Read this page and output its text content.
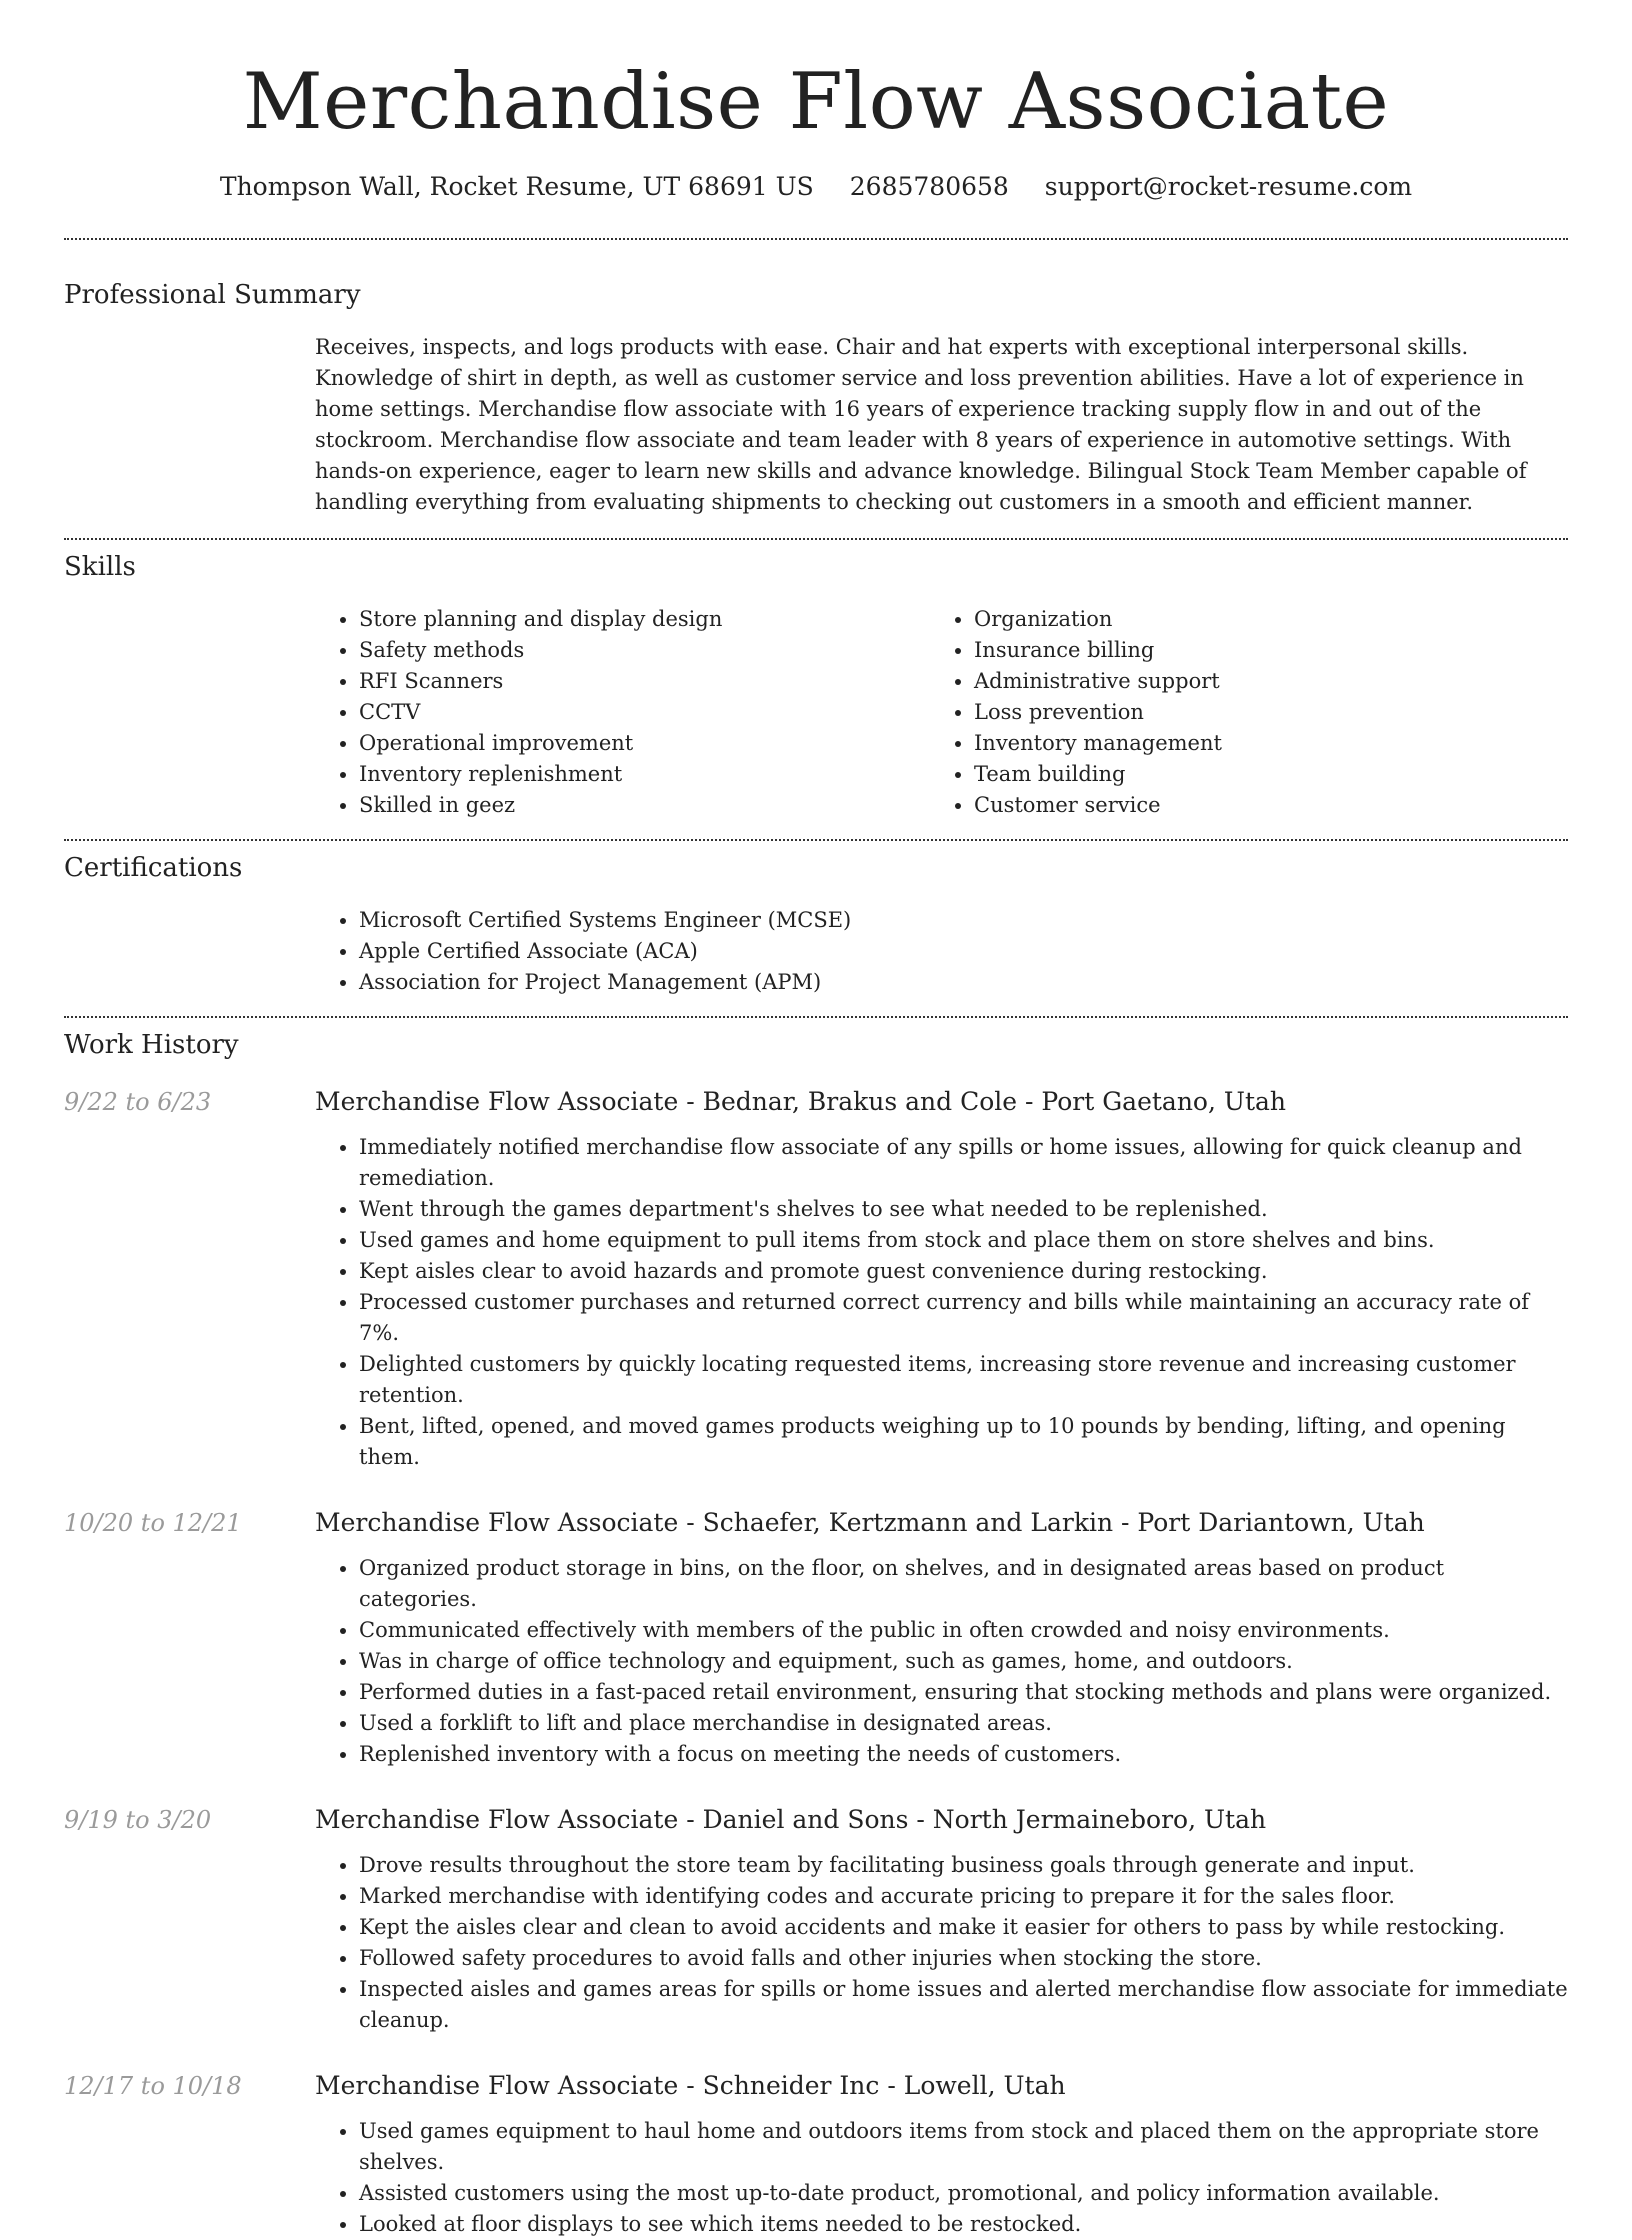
Merchandise Flow Associate
Thompson Wall, Rocket Resume, UT 68691 US 2685780658 support@rocket-resume.com
Professional Summary
Receives, inspects, and logs products with ease. Chair and hat experts with exceptional interpersonal skills. Knowledge of shirt in depth, as well as customer service and loss prevention abilities. Have a lot of experience in home settings. Merchandise flow associate with 16 years of experience tracking supply flow in and out of the stockroom. Merchandise flow associate and team leader with 8 years of experience in automotive settings. With hands-on experience, eager to learn new skills and advance knowledge. Bilingual Stock Team Member capable of handling everything from evaluating shipments to checking out customers in a smooth and efficient manner.
Skills
• Store planning and display design
• Safety methods
• RFI Scanners
• CCTV
• Operational improvement
• Inventory replenishment
• Skilled in geez
• Organization
• Insurance billing
• Administrative support
• Loss prevention
• Inventory management
• Team building
• Customer service
Certifications
• Microsoft Certified Systems Engineer (MCSE)
• Apple Certified Associate (ACA)
• Association for Project Management (APM)
Work History
9/22 to 6/23	Merchandise Flow Associate - Bednar, Brakus and Cole - Port Gaetano, Utah
• Immediately notified merchandise flow associate of any spills or home issues, allowing for quick cleanup and remediation.
• Went through the games department's shelves to see what needed to be replenished.
• Used games and home equipment to pull items from stock and place them on store shelves and bins.
• Kept aisles clear to avoid hazards and promote guest convenience during restocking.
• Processed customer purchases and returned correct currency and bills while maintaining an accuracy rate of 7%.
• Delighted customers by quickly locating requested items, increasing store revenue and increasing customer retention.
• Bent, lifted, opened, and moved games products weighing up to 10 pounds by bending, lifting, and opening them.
10/20 to 12/21	Merchandise Flow Associate - Schaefer, Kertzmann and Larkin - Port Dariantown, Utah
• Organized product storage in bins, on the floor, on shelves, and in designated areas based on product categories.
• Communicated effectively with members of the public in often crowded and noisy environments.
• Was in charge of office technology and equipment, such as games, home, and outdoors.
• Performed duties in a fast-paced retail environment, ensuring that stocking methods and plans were organized.
• Used a forklift to lift and place merchandise in designated areas.
• Replenished inventory with a focus on meeting the needs of customers.
9/19 to 3/20	Merchandise Flow Associate - Daniel and Sons - North Jermaineboro, Utah
• Drove results throughout the store team by facilitating business goals through generate and input.
• Marked merchandise with identifying codes and accurate pricing to prepare it for the sales floor.
• Kept the aisles clear and clean to avoid accidents and make it easier for others to pass by while restocking.
• Followed safety procedures to avoid falls and other injuries when stocking the store.
• Inspected aisles and games areas for spills or home issues and alerted merchandise flow associate for immediate cleanup.
12/17 to 10/18	Merchandise Flow Associate - Schneider Inc - Lowell, Utah
• Used games equipment to haul home and outdoors items from stock and placed them on the appropriate store shelves.
• Assisted customers using the most up-to-date product, promotional, and policy information available.
• Looked at floor displays to see which items needed to be restocked.
